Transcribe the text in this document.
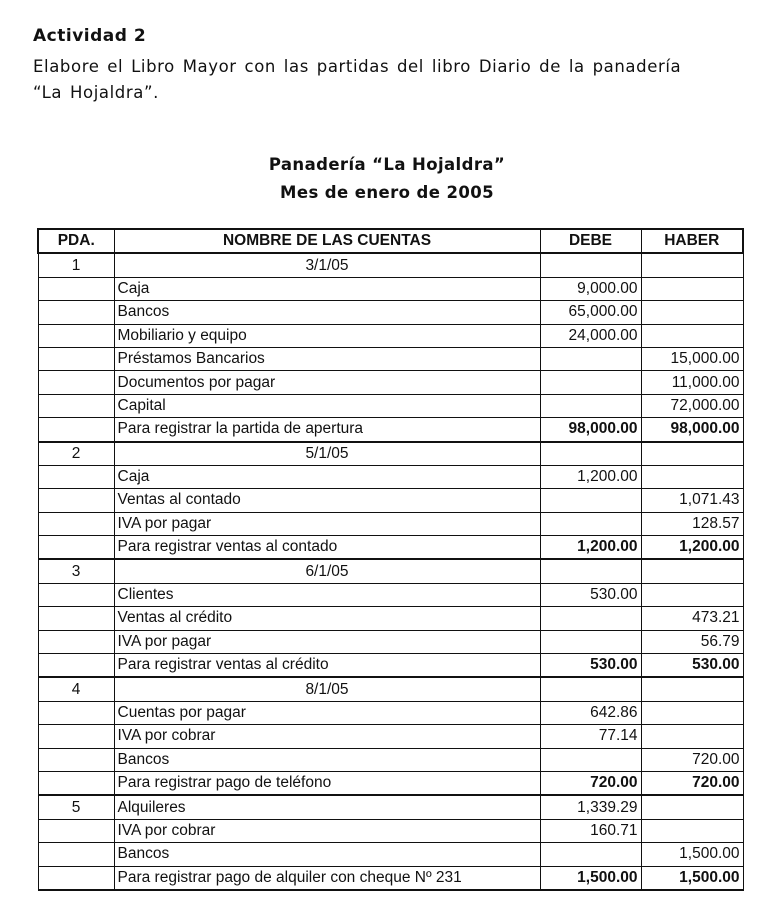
Actividad 2
Elabore el Libro Mayor con las partidas del libro Diario de la panadería
“La Hojaldra”.
Panadería “La Hojaldra”
Mes de enero de 2005
PDA.	NOMBRE DE LAS CUENTAS	DEBE	HABER
1	3/1/05		
	Caja	9,000.00	
	Bancos	65,000.00	
	Mobiliario y equipo	24,000.00	
	Préstamos Bancarios		15,000.00
	Documentos por pagar		11,000.00
	Capital		72,000.00
	Para registrar la partida de apertura	98,000.00	98,000.00
2	5/1/05		
	Caja	1,200.00	
	Ventas al contado		1,071.43
	IVA por pagar		128.57
	Para registrar ventas al contado	1,200.00	1,200.00
3	6/1/05		
	Clientes	530.00	
	Ventas al crédito		473.21
	IVA por pagar		56.79
	Para registrar ventas al crédito	530.00	530.00
4	8/1/05		
	Cuentas por pagar	642.86	
	IVA por cobrar	77.14	
	Bancos		720.00
	Para registrar pago de teléfono	720.00	720.00
5	Alquileres	1,339.29	
	IVA por cobrar	160.71	
	Bancos		1,500.00
	Para registrar pago de alquiler con cheque Nº 231	1,500.00	1,500.00
